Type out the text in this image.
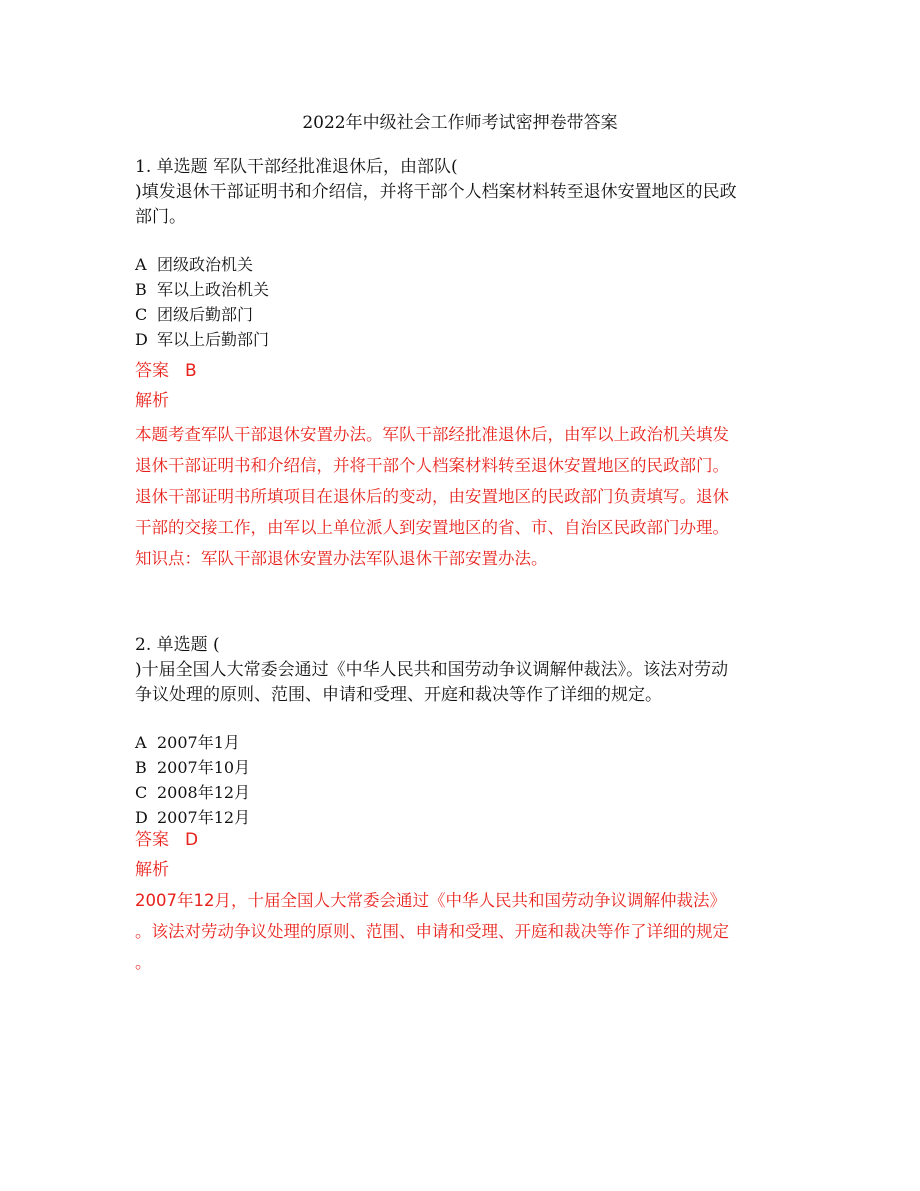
2022年中级社会工作师考试密押卷带答案
1. 单选题 军队干部经批准退休后，由部队(
)填发退休干部证明书和介绍信，并将干部个人档案材料转至退休安置地区的民政
部门。
A 团级政治机关
B 军以上政治机关
C 团级后勤部门
D 军以上后勤部门
答案 B
解析
本题考查军队干部退休安置办法。军队干部经批准退休后，由军以上政治机关填发
退休干部证明书和介绍信，并将干部个人档案材料转至退休安置地区的民政部门。
退休干部证明书所填项目在退休后的变动，由安置地区的民政部门负责填写。退休
干部的交接工作，由军以上单位派人到安置地区的省、市、自治区民政部门办理。
知识点：军队干部退休安置办法军队退休干部安置办法。
2. 单选题 (
)十届全国人大常委会通过《中华人民共和国劳动争议调解仲裁法》。该法对劳动
争议处理的原则、范围、申请和受理、开庭和裁决等作了详细的规定。
A 2007年1月
B 2007年10月
C 2008年12月
D 2007年12月
答案 D
解析
2007年12月，十届全国人大常委会通过《中华人民共和国劳动争议调解仲裁法》
。该法对劳动争议处理的原则、范围、申请和受理、开庭和裁决等作了详细的规定
。
